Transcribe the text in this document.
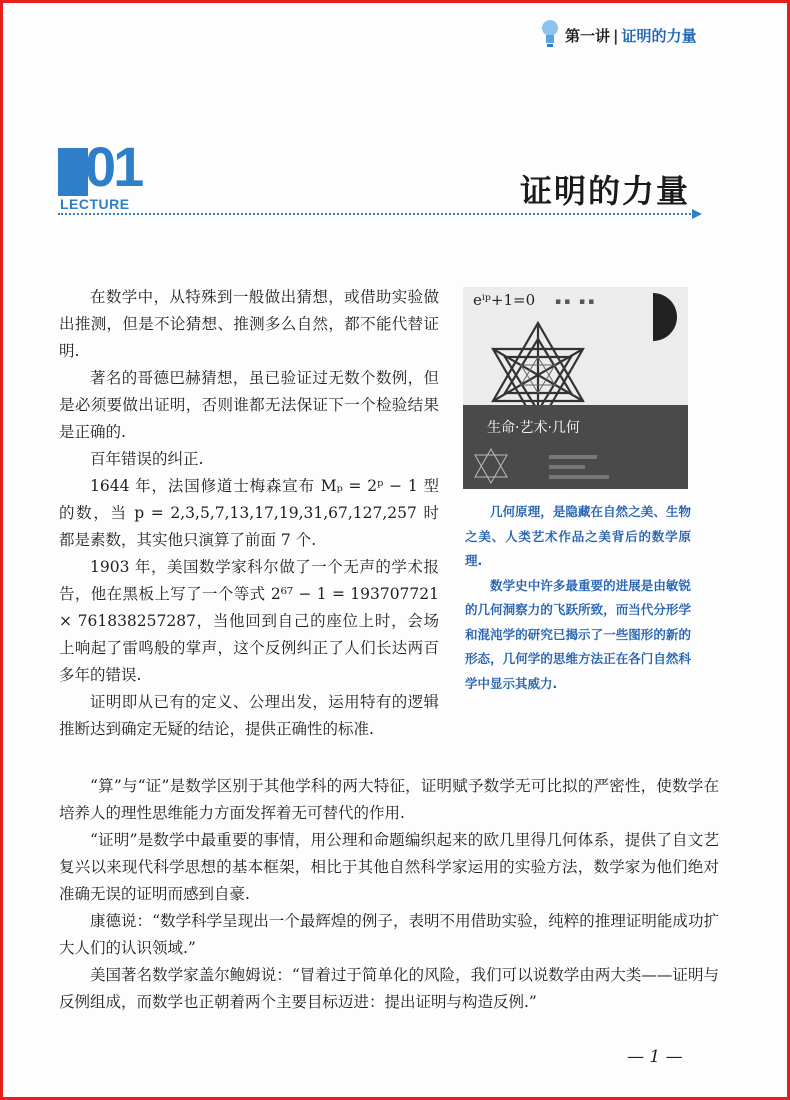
第一讲 | 证明的力量
01
LECTURE	证明的力量

在数学中，从特殊到一般做出猜想，或借助实验做出推测，但是不论猜想、推测多么自然，都不能代替证明.

著名的哥德巴赫猜想，虽已验证过无数个数例，但是必须要做出证明，否则谁都无法保证下一个检验结果是正确的.

百年错误的纠正.

1644 年，法国修道士梅森宣布 Mₚ = 2ᵖ − 1 型的数，当 p = 2,3,5,7,13,17,19,31,67,127,257 时都是素数，其实他只演算了前面 7 个.

1903 年，美国数学家科尔做了一个无声的学术报告，他在黑板上写了一个等式 2⁶⁷ − 1 = 193707721 × 761838257287，当他回到自己的座位上时，会场上响起了雷鸣般的掌声，这个反例纠正了人们长达两百多年的错误.

证明即从已有的定义、公理出发，运用特有的逻辑推断达到确定无疑的结论，提供正确性的标准.

eⁱᵖ+1=0 ▪▪ ▪▪
生命·艺术·几何

几何原理，是隐藏在自然之美、生物之美、人类艺术作品之美背后的数学原理.

数学史中许多最重要的进展是由敏锐的几何洞察力的飞跃所致，而当代分形学和混沌学的研究已揭示了一些图形的新的形态，几何学的思维方法正在各门自然科学中显示其威力.

“算”与“证”是数学区别于其他学科的两大特征，证明赋予数学无可比拟的严密性，使数学在培养人的理性思维能力方面发挥着无可替代的作用.

“证明”是数学中最重要的事情，用公理和命题编织起来的欧几里得几何体系，提供了自文艺复兴以来现代科学思想的基本框架，相比于其他自然科学家运用的实验方法，数学家为他们绝对准确无误的证明而感到自豪.

康德说：“数学科学呈现出一个最辉煌的例子，表明不用借助实验，纯粹的推理证明能成功扩大人们的认识领域.”

美国著名数学家盖尔鲍姆说：“冒着过于简单化的风险，我们可以说数学由两大类——证明与反例组成，而数学也正朝着两个主要目标迈进：提出证明与构造反例.”

— 1 —
